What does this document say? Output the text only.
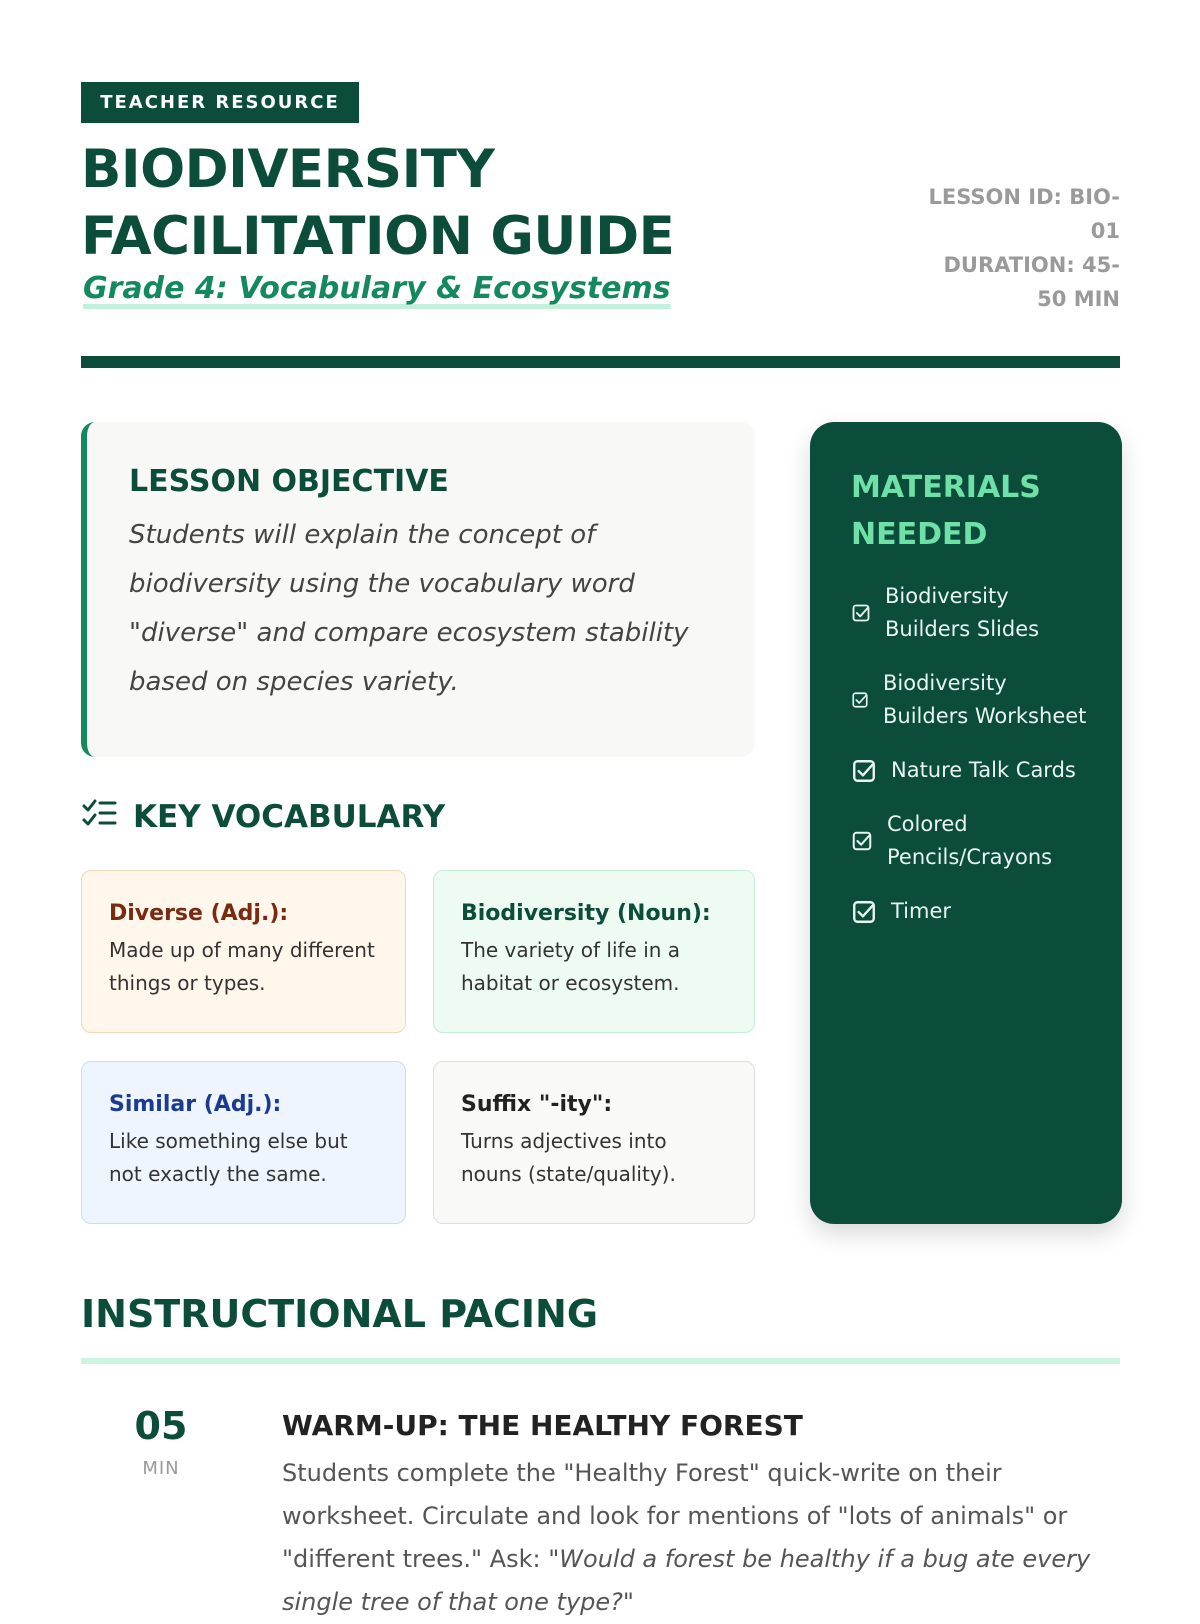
TEACHER RESOURCE
BIODIVERSITY
FACILITATION GUIDE
Grade 4: Vocabulary & Ecosystems
LESSON ID: BIO-01
DURATION: 45-50 MIN
LESSON OBJECTIVE

Students will explain the concept of biodiversity using the vocabulary word "diverse" and compare ecosystem stability based on species variety.

KEY VOCABULARY
Diverse (Adj.):
Made up of many different things or types.
Biodiversity (Noun):
The variety of life in a habitat or ecosystem.
Similar (Adj.):
Like something else but not exactly the same.
Suffix "-ity":
Turns adjectives into nouns (state/quality).
MATERIALS NEEDED
Biodiversity Builders Slides
Biodiversity Builders Worksheet
Nature Talk Cards
Colored Pencils/Crayons
Timer
INSTRUCTIONAL PACING
05
MIN
WARM-UP: THE HEALTHY FOREST
Students complete the "Healthy Forest" quick-write on their worksheet. Circulate and look for mentions of "lots of animals" or "different trees." Ask: "Would a forest be healthy if a bug ate every single tree of that one type?"
